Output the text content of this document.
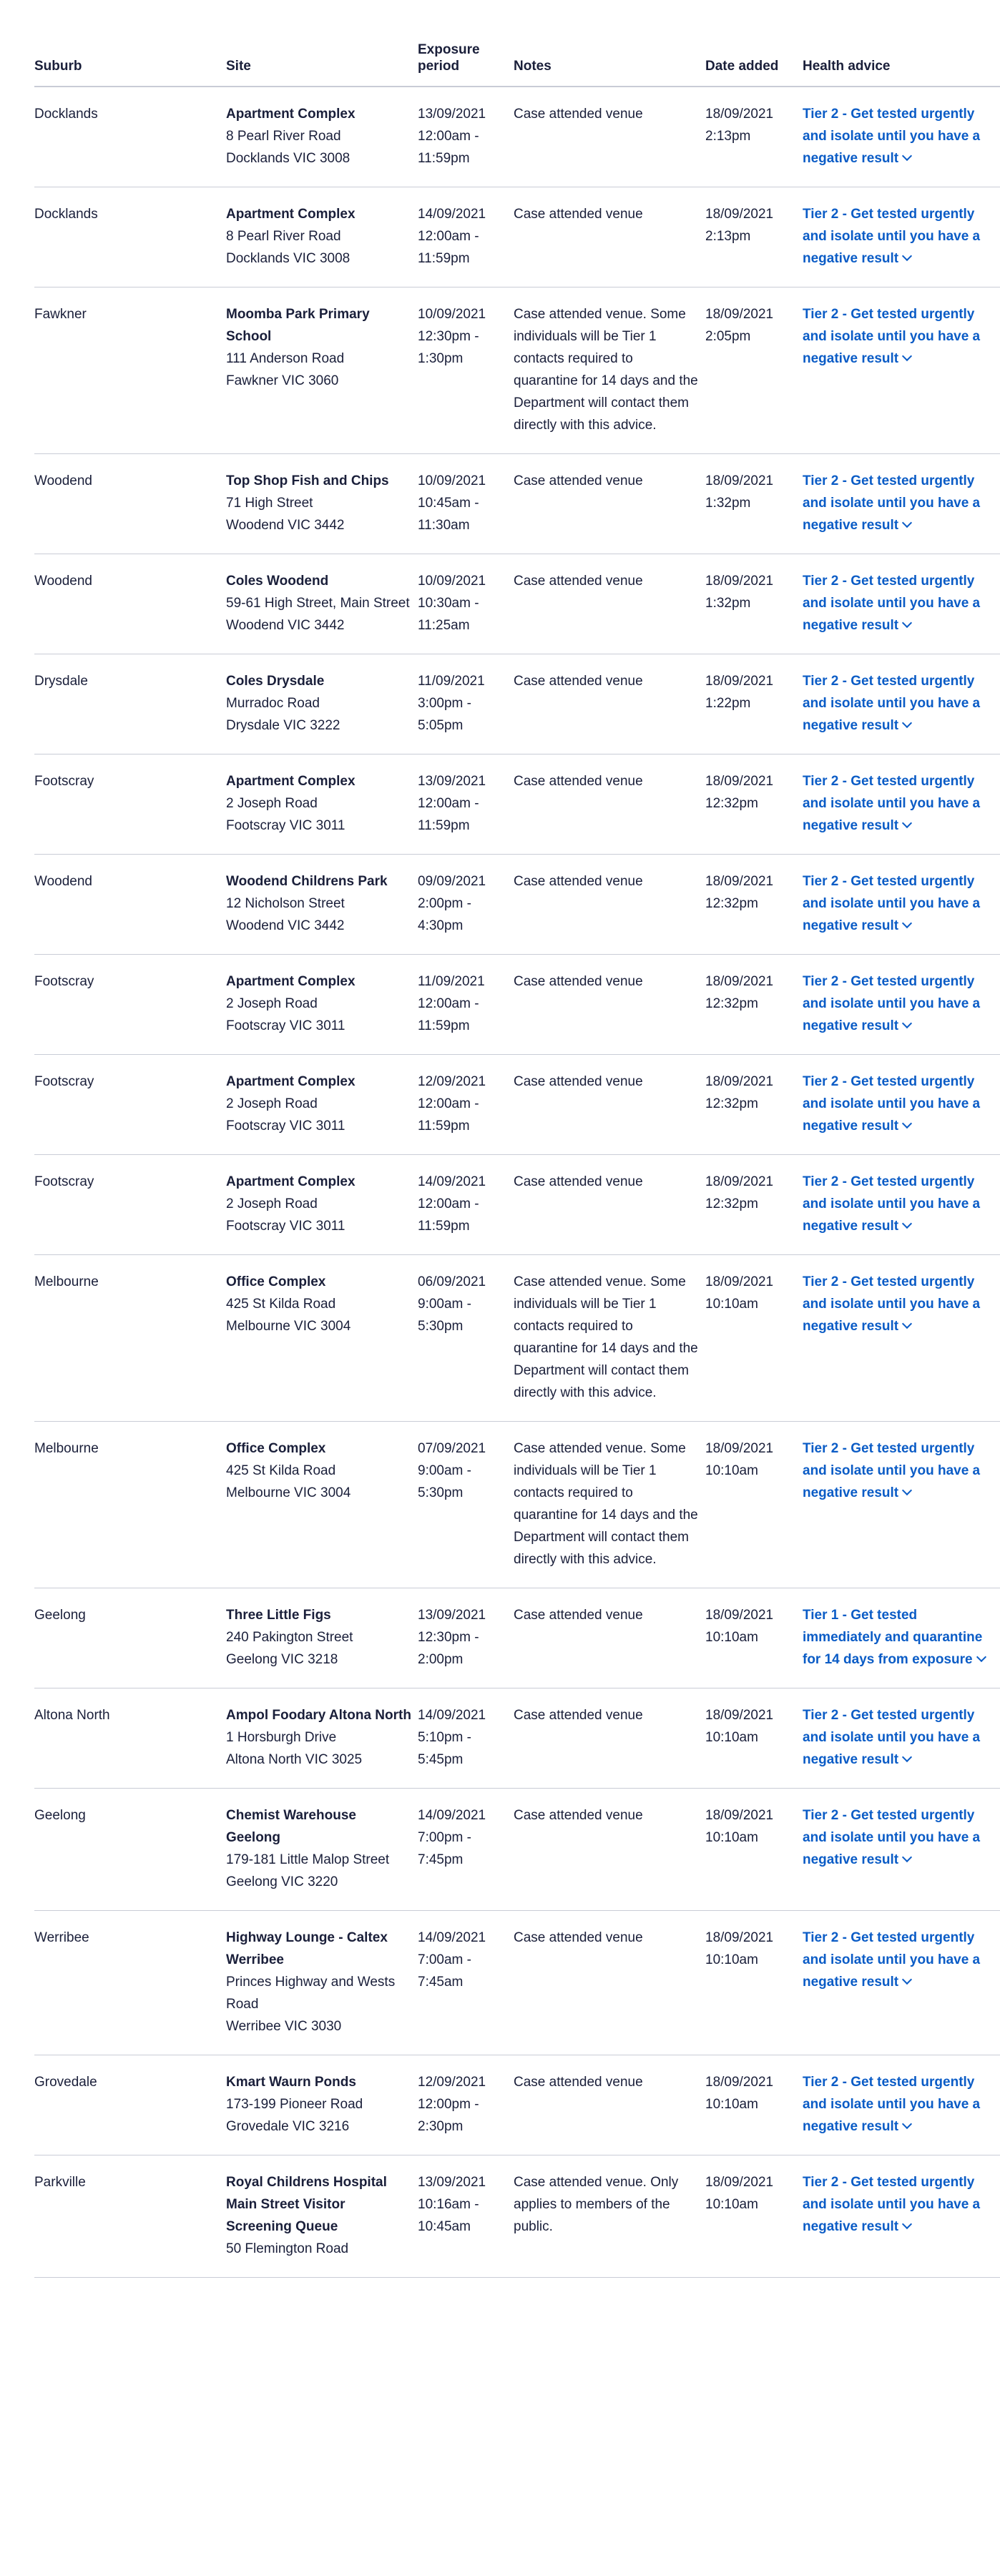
Suburb	Site	Exposure period	Notes	Date added	Health advice
Docklands	Apartment Complex
8 Pearl River Road
Docklands VIC 3008	13/09/2021
12:00am -
11:59pm	Case attended venue	18/09/2021
2:13pm	Tier 2 - Get tested urgently and isolate until you have a negative result
Docklands	Apartment Complex
8 Pearl River Road
Docklands VIC 3008	14/09/2021
12:00am -
11:59pm	Case attended venue	18/09/2021
2:13pm	Tier 2 - Get tested urgently and isolate until you have a negative result
Fawkner	Moomba Park Primary School
111 Anderson Road
Fawkner VIC 3060	10/09/2021
12:30pm -
1:30pm	Case attended venue. Some individuals will be Tier 1 contacts required to quarantine for 14 days and the Department will contact them directly with this advice.	18/09/2021
2:05pm	Tier 2 - Get tested urgently and isolate until you have a negative result
Woodend	Top Shop Fish and Chips
71 High Street
Woodend VIC 3442	10/09/2021
10:45am -
11:30am	Case attended venue	18/09/2021
1:32pm	Tier 2 - Get tested urgently and isolate until you have a negative result
Woodend	Coles Woodend
59-61 High Street, Main Street
Woodend VIC 3442	10/09/2021
10:30am -
11:25am	Case attended venue	18/09/2021
1:32pm	Tier 2 - Get tested urgently and isolate until you have a negative result
Drysdale	Coles Drysdale
Murradoc Road
Drysdale VIC 3222	11/09/2021
3:00pm -
5:05pm	Case attended venue	18/09/2021
1:22pm	Tier 2 - Get tested urgently and isolate until you have a negative result
Footscray	Apartment Complex
2 Joseph Road
Footscray VIC 3011	13/09/2021
12:00am -
11:59pm	Case attended venue	18/09/2021
12:32pm	Tier 2 - Get tested urgently and isolate until you have a negative result
Woodend	Woodend Childrens Park
12 Nicholson Street
Woodend VIC 3442	09/09/2021
2:00pm -
4:30pm	Case attended venue	18/09/2021
12:32pm	Tier 2 - Get tested urgently and isolate until you have a negative result
Footscray	Apartment Complex
2 Joseph Road
Footscray VIC 3011	11/09/2021
12:00am -
11:59pm	Case attended venue	18/09/2021
12:32pm	Tier 2 - Get tested urgently and isolate until you have a negative result
Footscray	Apartment Complex
2 Joseph Road
Footscray VIC 3011	12/09/2021
12:00am -
11:59pm	Case attended venue	18/09/2021
12:32pm	Tier 2 - Get tested urgently and isolate until you have a negative result
Footscray	Apartment Complex
2 Joseph Road
Footscray VIC 3011	14/09/2021
12:00am -
11:59pm	Case attended venue	18/09/2021
12:32pm	Tier 2 - Get tested urgently and isolate until you have a negative result
Melbourne	Office Complex
425 St Kilda Road
Melbourne VIC 3004	06/09/2021
9:00am -
5:30pm	Case attended venue. Some individuals will be Tier 1 contacts required to quarantine for 14 days and the Department will contact them directly with this advice.	18/09/2021
10:10am	Tier 2 - Get tested urgently and isolate until you have a negative result
Melbourne	Office Complex
425 St Kilda Road
Melbourne VIC 3004	07/09/2021
9:00am -
5:30pm	Case attended venue. Some individuals will be Tier 1 contacts required to quarantine for 14 days and the Department will contact them directly with this advice.	18/09/2021
10:10am	Tier 2 - Get tested urgently and isolate until you have a negative result
Geelong	Three Little Figs
240 Pakington Street
Geelong VIC 3218	13/09/2021
12:30pm -
2:00pm	Case attended venue	18/09/2021
10:10am	Tier 1 - Get tested immediately and quarantine for 14 days from exposure
Altona North	Ampol Foodary Altona North
1 Horsburgh Drive
Altona North VIC 3025	14/09/2021
5:10pm -
5:45pm	Case attended venue	18/09/2021
10:10am	Tier 2 - Get tested urgently and isolate until you have a negative result
Geelong	Chemist Warehouse Geelong
179-181 Little Malop Street
Geelong VIC 3220	14/09/2021
7:00pm -
7:45pm	Case attended venue	18/09/2021
10:10am	Tier 2 - Get tested urgently and isolate until you have a negative result
Werribee	Highway Lounge - Caltex Werribee
Princes Highway and Wests Road
Werribee VIC 3030	14/09/2021
7:00am -
7:45am	Case attended venue	18/09/2021
10:10am	Tier 2 - Get tested urgently and isolate until you have a negative result
Grovedale	Kmart Waurn Ponds
173-199 Pioneer Road
Grovedale VIC 3216	12/09/2021
12:00pm -
2:30pm	Case attended venue	18/09/2021
10:10am	Tier 2 - Get tested urgently and isolate until you have a negative result
Parkville	Royal Childrens Hospital Main Street Visitor Screening Queue
50 Flemington Road	13/09/2021
10:16am -
10:45am	Case attended venue. Only applies to members of the public.	18/09/2021
10:10am	Tier 2 - Get tested urgently and isolate until you have a negative result
